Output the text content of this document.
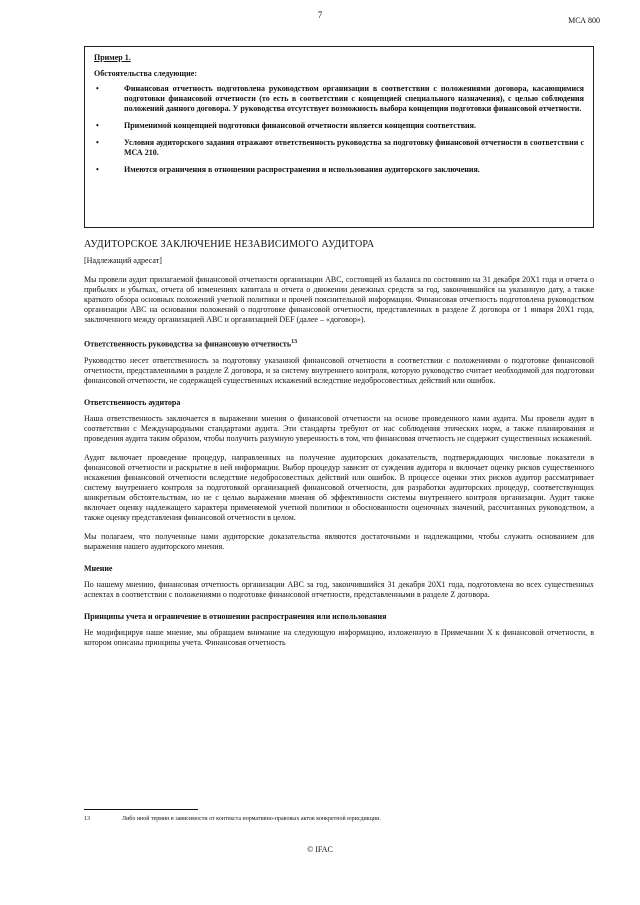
7
МСА 800
Пример 1.
Обстоятельства следующие:
• Финансовая отчетность подготовлена руководством организации в соответствии с положениями договора, касающимися подготовки финансовой отчетности (то есть в соответствии с концепцией специального назначения), с целью соблюдения положений данного договора. У руководства отсутствует возможность выбора концепции подготовки финансовой отчетности.
• Применимой концепцией подготовки финансовой отчетности является концепция соответствия.
• Условия аудиторского задания отражают ответственность руководства за подготовку финансовой отчетности в соответствии с МСА 210.
• Имеются ограничения в отношении распространения и использования аудиторского заключения.
АУДИТОРСКОЕ ЗАКЛЮЧЕНИЕ НЕЗАВИСИМОГО АУДИТОРА

[Надлежащий адресат]

Мы провели аудит прилагаемой финансовой отчетности организации ABC, состоящей из баланса по состоянию на 31 декабря 20X1 года и отчета о прибылях и убытках, отчета об изменениях капитала и отчета о движении денежных средств за год, закончившийся на указанную дату, а также краткого обзора основных положений учетной политики и прочей пояснительной информации. Финансовая отчетность подготовлена руководством организации ABC на основании положений о подготовке финансовой отчетности, представленных в разделе Z договора от 1 января 20X1 года, заключенного между организацией ABC и организацией DEF (далее – «договор»).

Ответственность руководства за финансовую отчетность$^{13}$

Руководство несет ответственность за подготовку указанной финансовой отчетности в соответствии с положениями о подготовке финансовой отчетности, представленными в разделе Z договора, и за систему внутреннего контроля, которую руководство считает необходимой для подготовки финансовой отчетности, не содержащей существенных искажений вследствие недобросовестных действий или ошибок.

Ответственность аудитора

Наша ответственность заключается в выражении мнения о финансовой отчетности на основе проведенного нами аудита. Мы провели аудит в соответствии с Международными стандартами аудита. Эти стандарты требуют от нас соблюдения этических норм, а также планирования и проведения аудита таким образом, чтобы получить разумную уверенность в том, что финансовая отчетность не содержит существенных искажений.

Аудит включает проведение процедур, направленных на получение аудиторских доказательств, подтверждающих числовые показатели в финансовой отчетности и раскрытие в ней информации. Выбор процедур зависит от суждения аудитора и включает оценку рисков существенного искажения финансовой отчетности вследствие недобросовестных действий или ошибок. В процессе оценки этих рисков аудитор рассматривает систему внутреннего контроля за подготовкой организацией финансовой отчетности, для разработки аудиторских процедур, соответствующих конкретным обстоятельствам, но не с целью выражения мнения об эффективности системы внутреннего контроля организации. Аудит также включает оценку надлежащего характера применяемой учетной политики и обоснованности оценочных значений, рассчитанных руководством, а также оценку представления финансовой отчетности в целом.

Мы полагаем, что полученные нами аудиторские доказательства являются достаточными и надлежащими, чтобы служить основанием для выражения нашего аудиторского мнения.

Мнение

По нашему мнению, финансовая отчетность организации ABC за год, закончившийся 31 декабря 20X1 года, подготовлена во всех существенных аспектах в соответствии с положениями о подготовке финансовой отчетности, представленными в разделе Z договора.

Принципы учета и ограничение в отношении распространения или использования

Не модифицируя наше мнение, мы обращаем внимание на следующую информацию, изложенную в Примечании X к финансовой отчетности, в котором описаны принципы учета. Финансовая отчетность

13	Либо иной термин в зависимости от контекста нормативно-правовых актов конкретной юрисдикции.
© IFAC
